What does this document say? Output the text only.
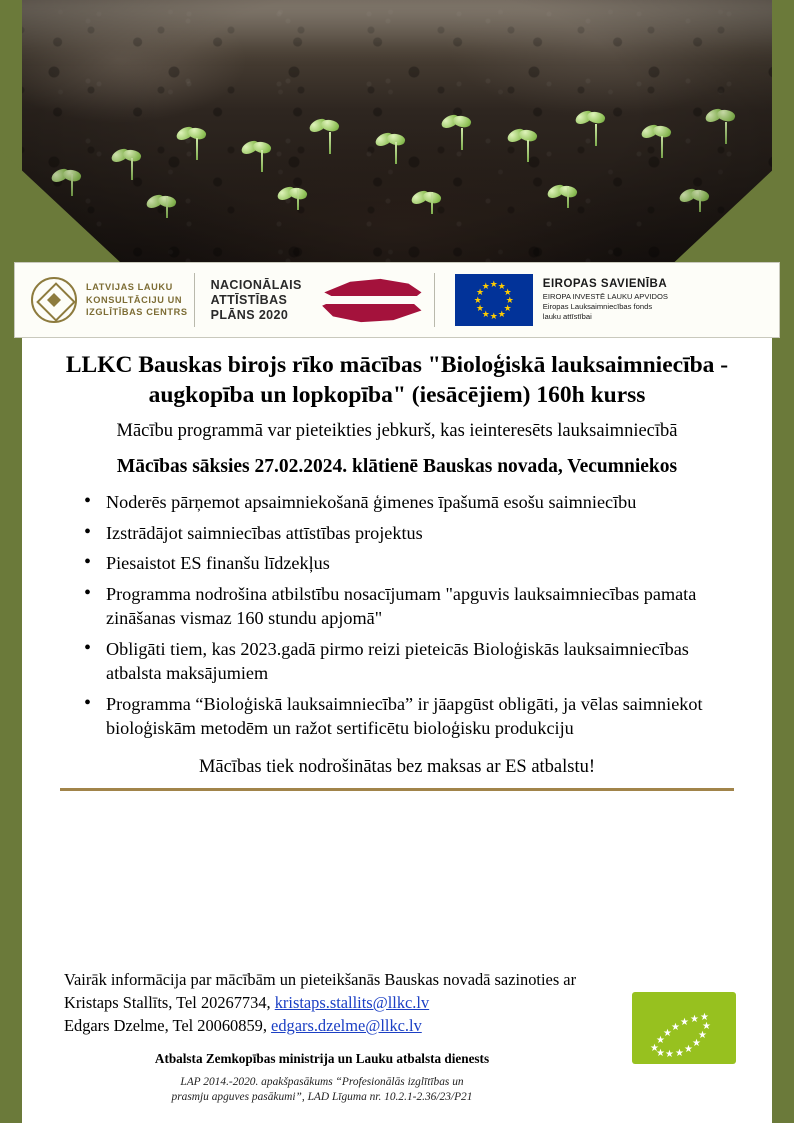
LATVIJAS LAUKU
KONSULTĀCIJU UN
IZGLĪTĪBAS CENTRS
NACIONĀLAIS
ATTĪSTĪBAS
PLĀNS 2020
★ ★
★
★
★
★
★
★
★
★
★
★	EIROPAS SAVIENĪBA
EIROPA INVESTĒ LAUKU APVIDOS
Eiropas Lauksaimniecības fonds
lauku attīstībai
LLKC Bauskas birojs rīko mācības "Bioloģiskā lauksaimniecība - augkopība un lopkopība" (iesācējiem) 160h kurss
Mācību programmā var pieteikties jebkurš, kas ieinteresēts lauksaimniecībā
Mācības sāksies 27.02.2024. klātienē Bauskas novada, Vecumniekos
• Noderēs pārņemot apsaimniekošanā ģimenes īpašumā esošu saimniecību
• Izstrādājot saimniecības attīstības projektus
• Piesaistot ES finanšu līdzekļus
• Programma nodrošina atbilstību nosacījumam "apguvis lauksaimniecības pamata zināšanas vismaz 160 stundu apjomā"
• Obligāti tiem, kas 2023.gadā pirmo reizi pieteicās Bioloģiskās lauksaimniecības atbalsta maksājumiem
• Programma “Bioloģiskā lauksaimniecība” ir jāapgūst obligāti, ja vēlas saimniekot bioloģiskām metodēm un ražot sertificētu bioloģisku produkciju
Mācības tiek nodrošinātas bez maksas ar ES atbalstu!
Vairāk informācija par mācībām un pieteikšanās Bauskas novadā sazinoties ar
Kristaps Stallīts, Tel 20267734, kristaps.stallits@llkc.lv
Edgars Dzelme, Tel 20060859, edgars.dzelme@llkc.lv
Atbalsta Zemkopības ministrija un Lauku atbalsta dienests
LAP 2014.-2020. apakšpasākums “Profesionālās izglītības un
prasmju apguves pasākumi”, LAD Līguma nr. 10.2.1-2.36/23/P21
★
★
★
★ ★ ★ ★
★
★
★
★
★
★
★
